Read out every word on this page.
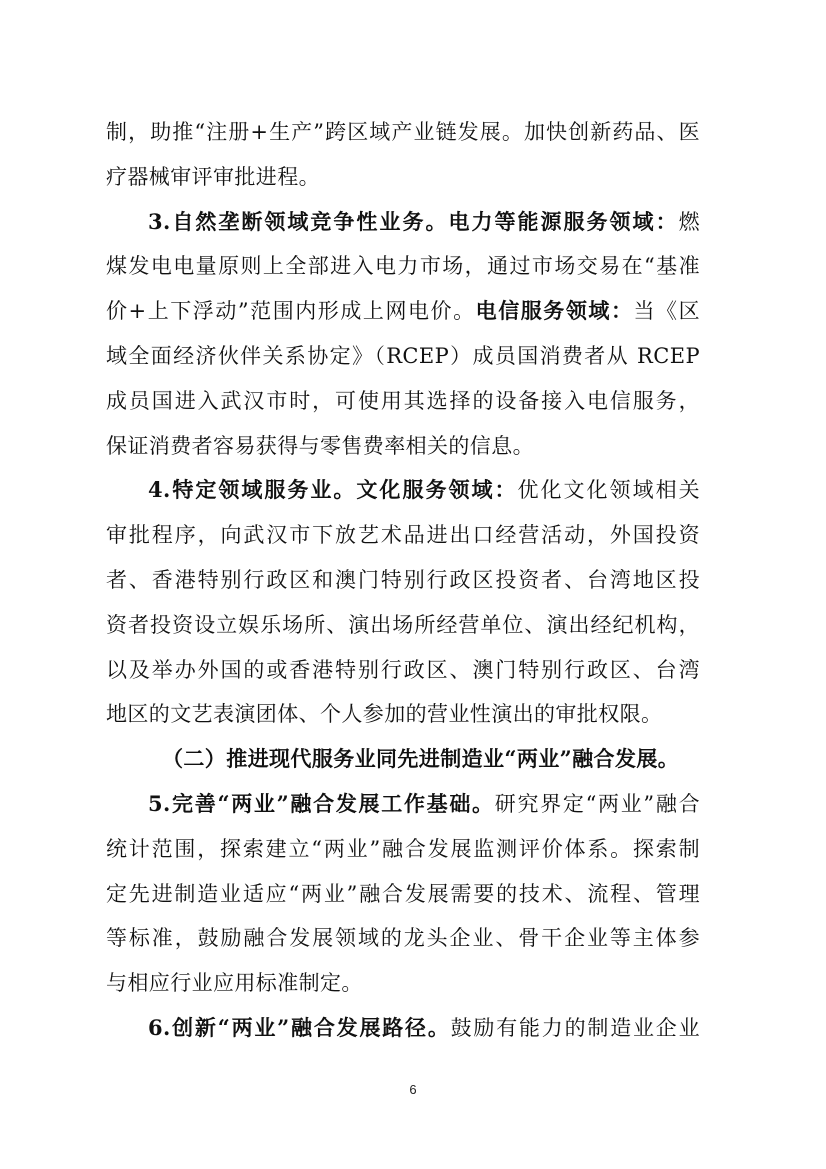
制，助推“注册+生产”跨区域产业链发展。加快创新药品、医
疗器械审评审批进程。
3.自然垄断领域竞争性业务。电力等能源服务领域：燃
煤发电电量原则上全部进入电力市场，通过市场交易在“基准
价+上下浮动”范围内形成上网电价。电信服务领域：当《区
域全面经济伙伴关系协定》（RCEP）成员国消费者从 RCEP
成员国进入武汉市时，可使用其选择的设备接入电信服务，
保证消费者容易获得与零售费率相关的信息。
4.特定领域服务业。文化服务领域：优化文化领域相关
审批程序，向武汉市下放艺术品进出口经营活动，外国投资
者、香港特别行政区和澳门特别行政区投资者、台湾地区投
资者投资设立娱乐场所、演出场所经营单位、演出经纪机构，
以及举办外国的或香港特别行政区、澳门特别行政区、台湾
地区的文艺表演团体、个人参加的营业性演出的审批权限。
（二）推进现代服务业同先进制造业“两业”融合发展。
5.完善“两业”融合发展工作基础。研究界定“两业”融合
统计范围，探索建立“两业”融合发展监测评价体系。探索制
定先进制造业适应“两业”融合发展需要的技术、流程、管理
等标准，鼓励融合发展领域的龙头企业、骨干企业等主体参
与相应行业应用标准制定。
6.创新“两业”融合发展路径。鼓励有能力的制造业企业
6
